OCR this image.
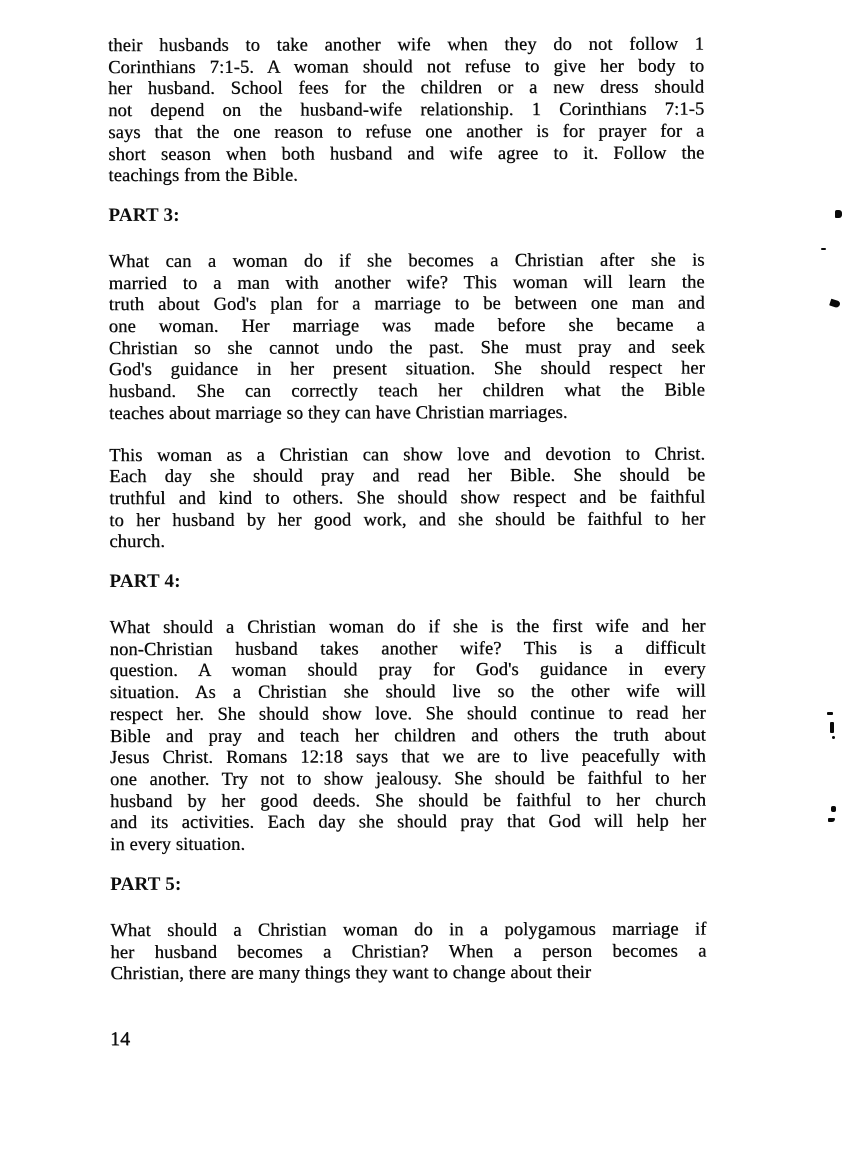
their husbands to take another wife when they do not follow 1
Corinthians 7:1-5. A woman should not refuse to give her body to
her husband. School fees for the children or a new dress should
not depend on the husband-wife relationship. 1 Corinthians 7:1-5
says that the one reason to refuse one another is for prayer for a
short season when both husband and wife agree to it. Follow the
teachings from the Bible.
PART 3:
What can a woman do if she becomes a Christian after she is
married to a man with another wife? This woman will learn the
truth about God's plan for a marriage to be between one man and
one woman. Her marriage was made before she became a
Christian so she cannot undo the past. She must pray and seek
God's guidance in her present situation. She should respect her
husband. She can correctly teach her children what the Bible
teaches about marriage so they can have Christian marriages.
This woman as a Christian can show love and devotion to Christ.
Each day she should pray and read her Bible. She should be
truthful and kind to others. She should show respect and be faithful
to her husband by her good work, and she should be faithful to her
church.
PART 4:
What should a Christian woman do if she is the first wife and her
non-Christian husband takes another wife? This is a difficult
question. A woman should pray for God's guidance in every
situation. As a Christian she should live so the other wife will
respect her. She should show love. She should continue to read her
Bible and pray and teach her children and others the truth about
Jesus Christ. Romans 12:18 says that we are to live peacefully with
one another. Try not to show jealousy. She should be faithful to her
husband by her good deeds. She should be faithful to her church
and its activities. Each day she should pray that God will help her
in every situation.
PART 5:
What should a Christian woman do in a polygamous marriage if
her husband becomes a Christian? When a person becomes a
Christian, there are many things they want to change about their
14
